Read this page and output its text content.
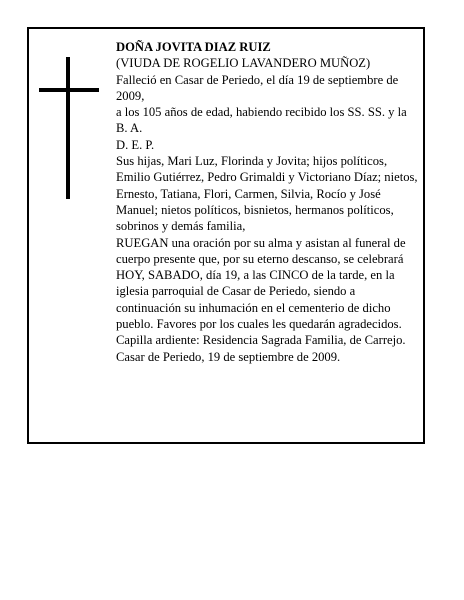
DOÑA JOVITA DIAZ RUIZ

(VIUDA DE ROGELIO LAVANDERO MUÑOZ)

Falleció en Casar de Periedo, el día 19 de septiembre de 2009,

a los 105 años de edad, habiendo recibido los SS. SS. y la B. A.

D. E. P.

Sus hijas, Mari Luz, Florinda y Jovita; hijos políticos, Emilio Gutiérrez, Pedro Grimaldi y Victoriano Díaz; nietos, Ernesto, Tatiana, Flori, Carmen, Silvia, Rocío y José Manuel; nietos políticos, bisnietos, hermanos políticos, sobrinos y demás familia,

RUEGAN una oración por su alma y asistan al funeral de cuerpo presente que, por su eterno descanso, se celebrará HOY, SABADO, día 19, a las CINCO de la tarde, en la iglesia parroquial de Casar de Periedo, siendo a continuación su inhumación en el cementerio de dicho pueblo. Favores por los cuales les quedarán agradecidos. Capilla ardiente: Residencia Sagrada Familia, de Carrejo.

Casar de Periedo, 19 de septiembre de 2009.
